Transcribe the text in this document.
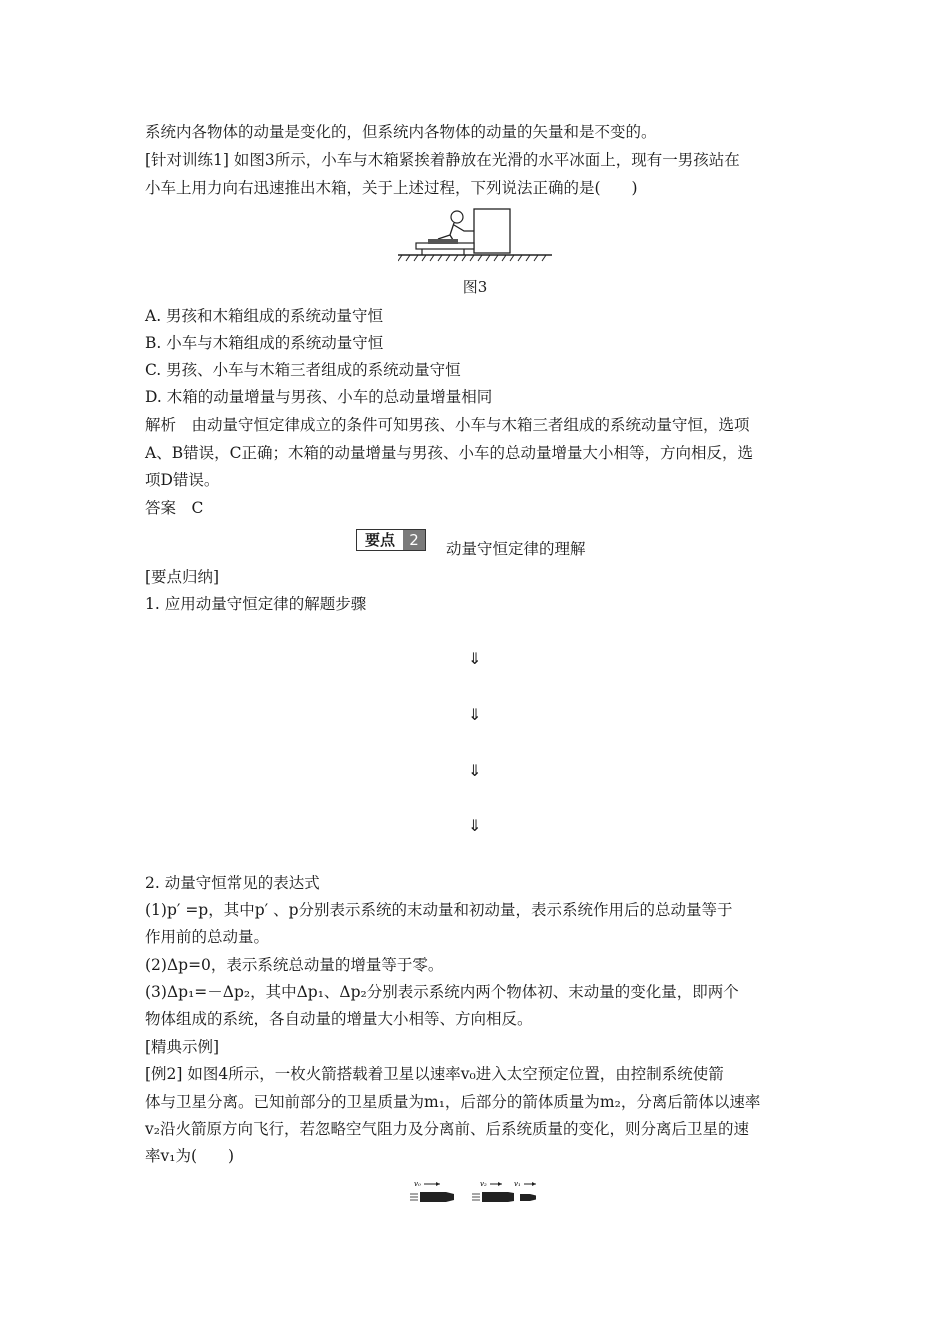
系统内各物体的动量是变化的，但系统内各物体的动量的矢量和是不变的。
[针对训练1] 如图3所示，小车与木箱紧挨着静放在光滑的水平冰面上，现有一男孩站在
小车上用力向右迅速推出木箱，关于上述过程，下列说法正确的是(　　)
图3
A. 男孩和木箱组成的系统动量守恒
B. 小车与木箱组成的系统动量守恒
C. 男孩、小车与木箱三者组成的系统动量守恒
D. 木箱的动量增量与男孩、小车的总动量增量相同
解析　由动量守恒定律成立的条件可知男孩、小车与木箱三者组成的系统动量守恒，选项
A、B错误，C正确；木箱的动量增量与男孩、小车的总动量增量大小相等，方向相反，选
项D错误。
答案　C
要点 2	动量守恒定律的理解
[要点归纳]
1. 应用动量守恒定律的解题步骤
⇓
⇓
⇓
⇓
2. 动量守恒常见的表达式
(1)p′ =p，其中p′ 、p分别表示系统的末动量和初动量，表示系统作用后的总动量等于
作用前的总动量。
(2)Δp=0，表示系统总动量的增量等于零。
(3)Δp₁=－Δp₂，其中Δp₁、Δp₂分别表示系统内两个物体初、末动量的变化量，即两个
物体组成的系统，各自动量的增量大小相等、方向相反。
[精典示例]
[例2] 如图4所示，一枚火箭搭载着卫星以速率v₀进入太空预定位置，由控制系统使箭
体与卫星分离。已知前部分的卫星质量为m₁，后部分的箭体质量为m₂，分离后箭体以速率
v₂沿火箭原方向飞行，若忽略空气阻力及分离前、后系统质量的变化，则分离后卫星的速
率v₁为(　　)
v₀	v₂	v₁
